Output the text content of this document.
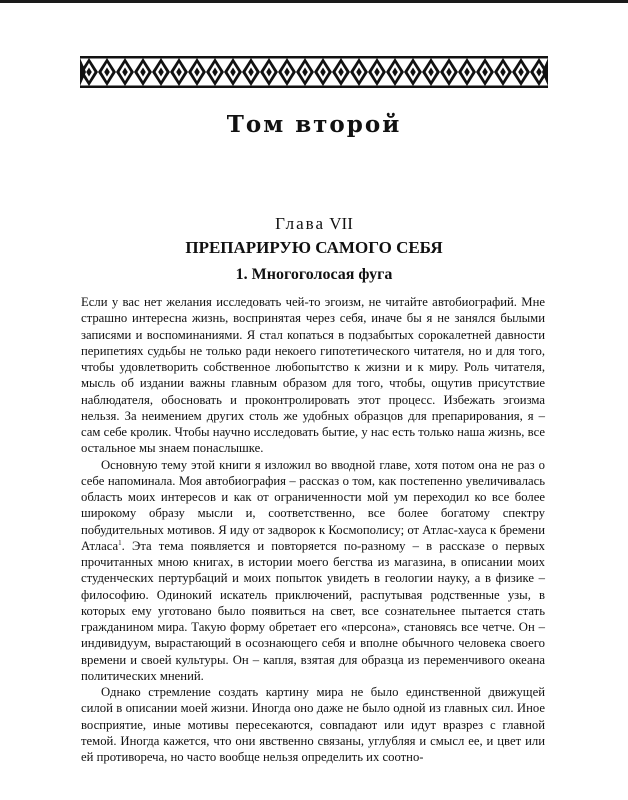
Том второй
Глава VII
ПРЕПАРИРУЮ САМОГО СЕБЯ
1. Многоголосая фуга

Если у вас нет желания исследовать чей-то эгоизм, не читайте автобиографий. Мне страшно интересна жизнь, воспринятая через себя, иначе бы я не занялся былыми записями и воспоминаниями. Я стал копаться в подзабытых сорокалетней давности перипетиях судьбы не только ради некоего гипотетического читателя, но и для того, чтобы удовлетворить собственное любопытство к жизни и к миру. Роль читателя, мысль об издании важны главным образом для того, чтобы, ощутив присутствие наблюдателя, обосновать и проконтролировать этот процесс. Избежать эгоизма нельзя. За неимением других столь же удобных образцов для препарирования, я – сам себе кролик. Чтобы научно исследовать бытие, у нас есть только наша жизнь, все остальное мы знаем понаслышке.

Основную тему этой книги я изложил во вводной главе, хотя потом она не раз о себе напоминала. Моя автобиография – рассказ о том, как постепенно увеличивалась область моих интересов и как от ограниченности мой ум переходил ко все более широкому образу мысли и, соответственно, все более богатому спектру побудительных мотивов. Я иду от задворок к Космополису; от Атлас-хауса к бремени Атласа$^1$. Эта тема появляется и повторяется по-разному – в рассказе о первых прочитанных мною книгах, в истории моего бегства из магазина, в описании моих студенческих пертурбаций и моих попыток увидеть в геологии науку, а в физике – философию. Одинокий искатель приключений, распутывая родственные узы, в которых ему уготовано было появиться на свет, все сознательнее пытается стать гражданином мира. Такую форму обретает его «персона», становясь все четче. Он – индивидуум, вырастающий в осознающего себя и вполне обычного человека своего времени и своей культуры. Он – капля, взятая для образца из переменчивого океана политических мнений.

Однако стремление создать картину мира не было единственной движущей силой в описании моей жизни. Иногда оно даже не было одной из главных сил. Иное восприятие, иные мотивы пересекаются, совпадают или идут вразрез с главной темой. Иногда кажется, что они явственно связаны, углубляя и смысл ее, и цвет или ей противореча, но часто вообще нельзя определить их соотно-
